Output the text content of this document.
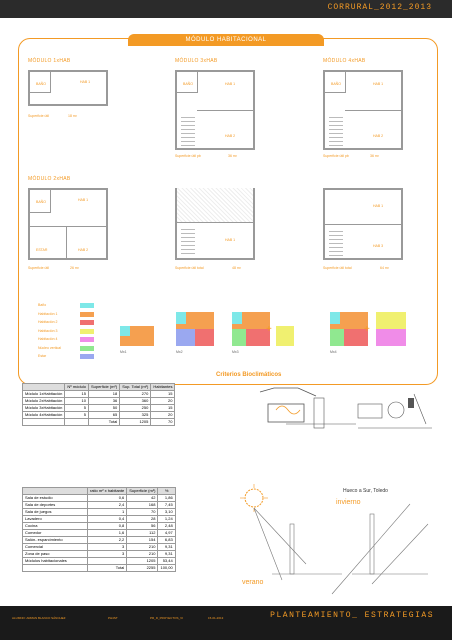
CORRURAL_2012_2013
MÓDULO HABITACIONAL
MÓDULO 1xHAB
BAÑO	HAB 1
Superficie útil	18 m²
MÓDULO 3xHAB
BAÑO	HAB 1
HAB 2
Superficie útil pb	36 m²
MÓDULO 4xHAB
BAÑO	HAB 1
HAB 2
Superficie útil pb	36 m²
MÓDULO 2xHAB
BAÑO	HAB 1
ESTAR	HAB 2
Superficie útil	26 m²
HAB 1
Superficie útil total	48 m²
HAB 1
HAB 3
Superficie útil total	64 m²
Baño
Habitación 1
Habitación 2
Habitación 3
Habitación 4
Núcleo vertical
Estar
Mx1	Mx2
+
Mx3
+
Mx4
	Nº módulo	Superficie (m²)	Sup. Total (m²)	Habitantes
Módulo 1xHabitación	15	18	270	15
Módulo 2xHabitación	10	36	360	20
Módulo 3xHabitación	5	50	250	15
Módulo 4xHabitación	5	65	325	20
		Total	1205	70
	ratio m² x habitante	Superficie (m²)	%
Sala de estudio	0,6	42	1,86
Sala de deportes	2,4	168	7,45
Sala de juegos	1	70	3,10
Lavadero	0,4	28	1,24
Cocina	0,8	56	2,48
Comedor	1,6	112	4,97
Salón- esparcimiento	2,2	154	6,83
Comercial	3	210	9,31
Zona de paso	3	210	9,31
Módulos habitacionales		1205	53,44
	Total	2255	100,00
Criterios Bioclimáticos
Hueco a Sur, Toledo
invierno
verano
ALUMNO: ARMAN BLANCO SÁNCHEZ	PH4ST	PR_D_PROYECTOS_VI	15-01-2013	PLANTEAMIENTO_ ESTRATEGIAS
